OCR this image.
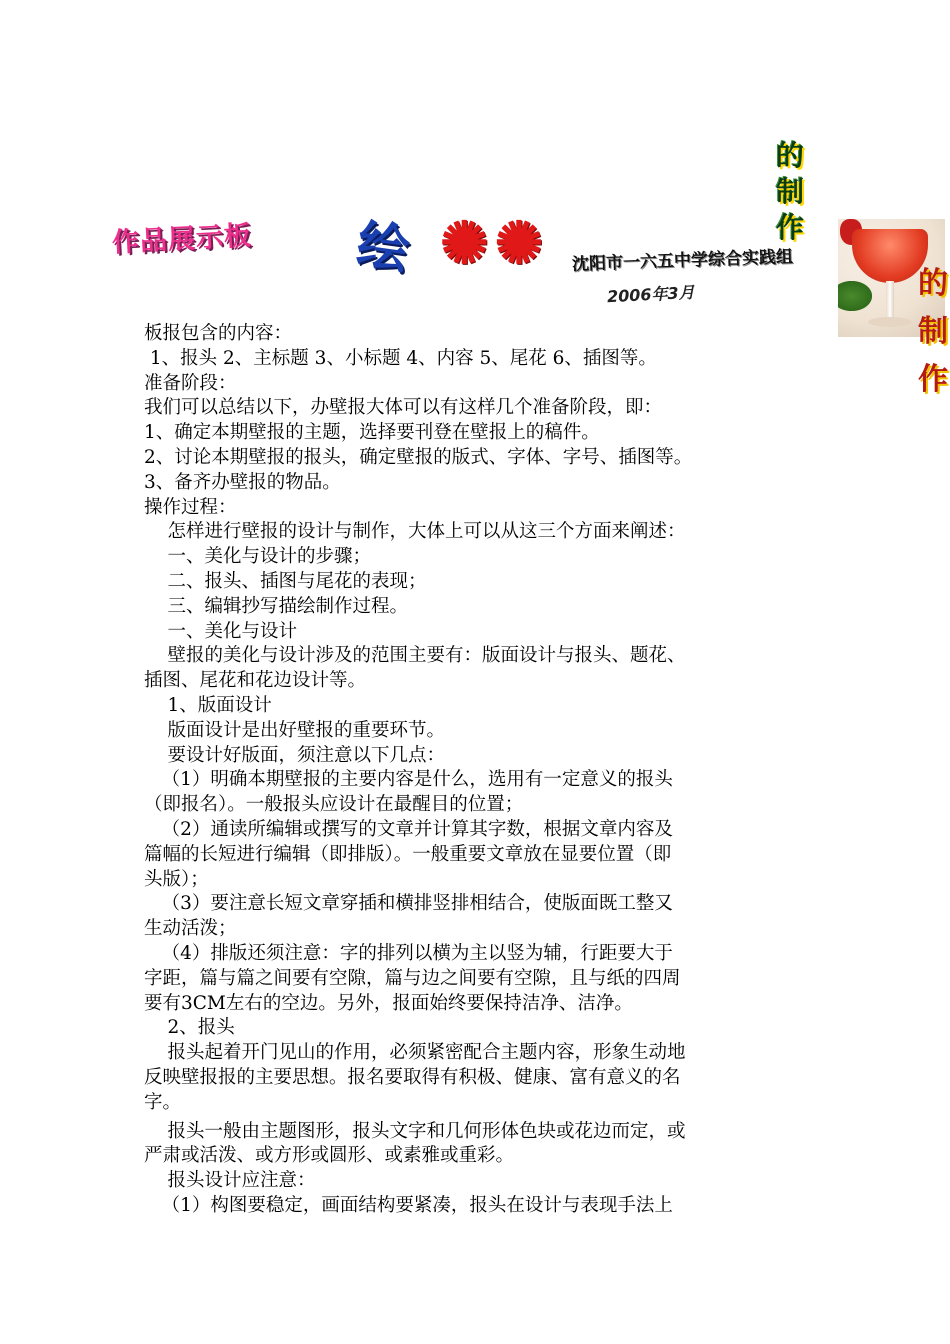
作品展示板 绘 ✺✺ 沈阳市一六五中学综合实践组
2006年3月
的
制
作
的
制
作
板报包含的内容：
1、报头 2、主标题 3、小标题 4、内容 5、尾花 6、插图等。
准备阶段：
我们可以总结以下，办壁报大体可以有这样几个准备阶段，即：
1、确定本期壁报的主题，选择要刊登在壁报上的稿件。
2、讨论本期壁报的报头，确定壁报的版式、字体、字号、插图等。
3、备齐办壁报的物品。
操作过程：
怎样进行壁报的设计与制作，大体上可以从这三个方面来阐述：
一、美化与设计的步骤；
二、报头、插图与尾花的表现；
三、编辑抄写描绘制作过程。
一、美化与设计
壁报的美化与设计涉及的范围主要有：版面设计与报头、题花、
插图、尾花和花边设计等。
1、版面设计
版面设计是出好壁报的重要环节。
要设计好版面，须注意以下几点：
（1）明确本期壁报的主要内容是什么，选用有一定意义的报头
（即报名）。一般报头应设计在最醒目的位置；
（2）通读所编辑或撰写的文章并计算其字数，根据文章内容及
篇幅的长短进行编辑（即排版）。一般重要文章放在显要位置（即
头版）；
（3）要注意长短文章穿插和横排竖排相结合，使版面既工整又
生动活泼；
（4）排版还须注意：字的排列以横为主以竖为辅，行距要大于
字距，篇与篇之间要有空隙，篇与边之间要有空隙，且与纸的四周
要有3CM左右的空边。另外，报面始终要保持洁净、洁净。
2、报头
报头起着开门见山的作用，必须紧密配合主题内容，形象生动地
反映壁报报的主要思想。报名要取得有积极、健康、富有意义的名
字。
报头一般由主题图形，报头文字和几何形体色块或花边而定，或
严肃或活泼、或方形或圆形、或素雅或重彩。
报头设计应注意：
（1）构图要稳定，画面结构要紧凑，报头在设计与表现手法上
